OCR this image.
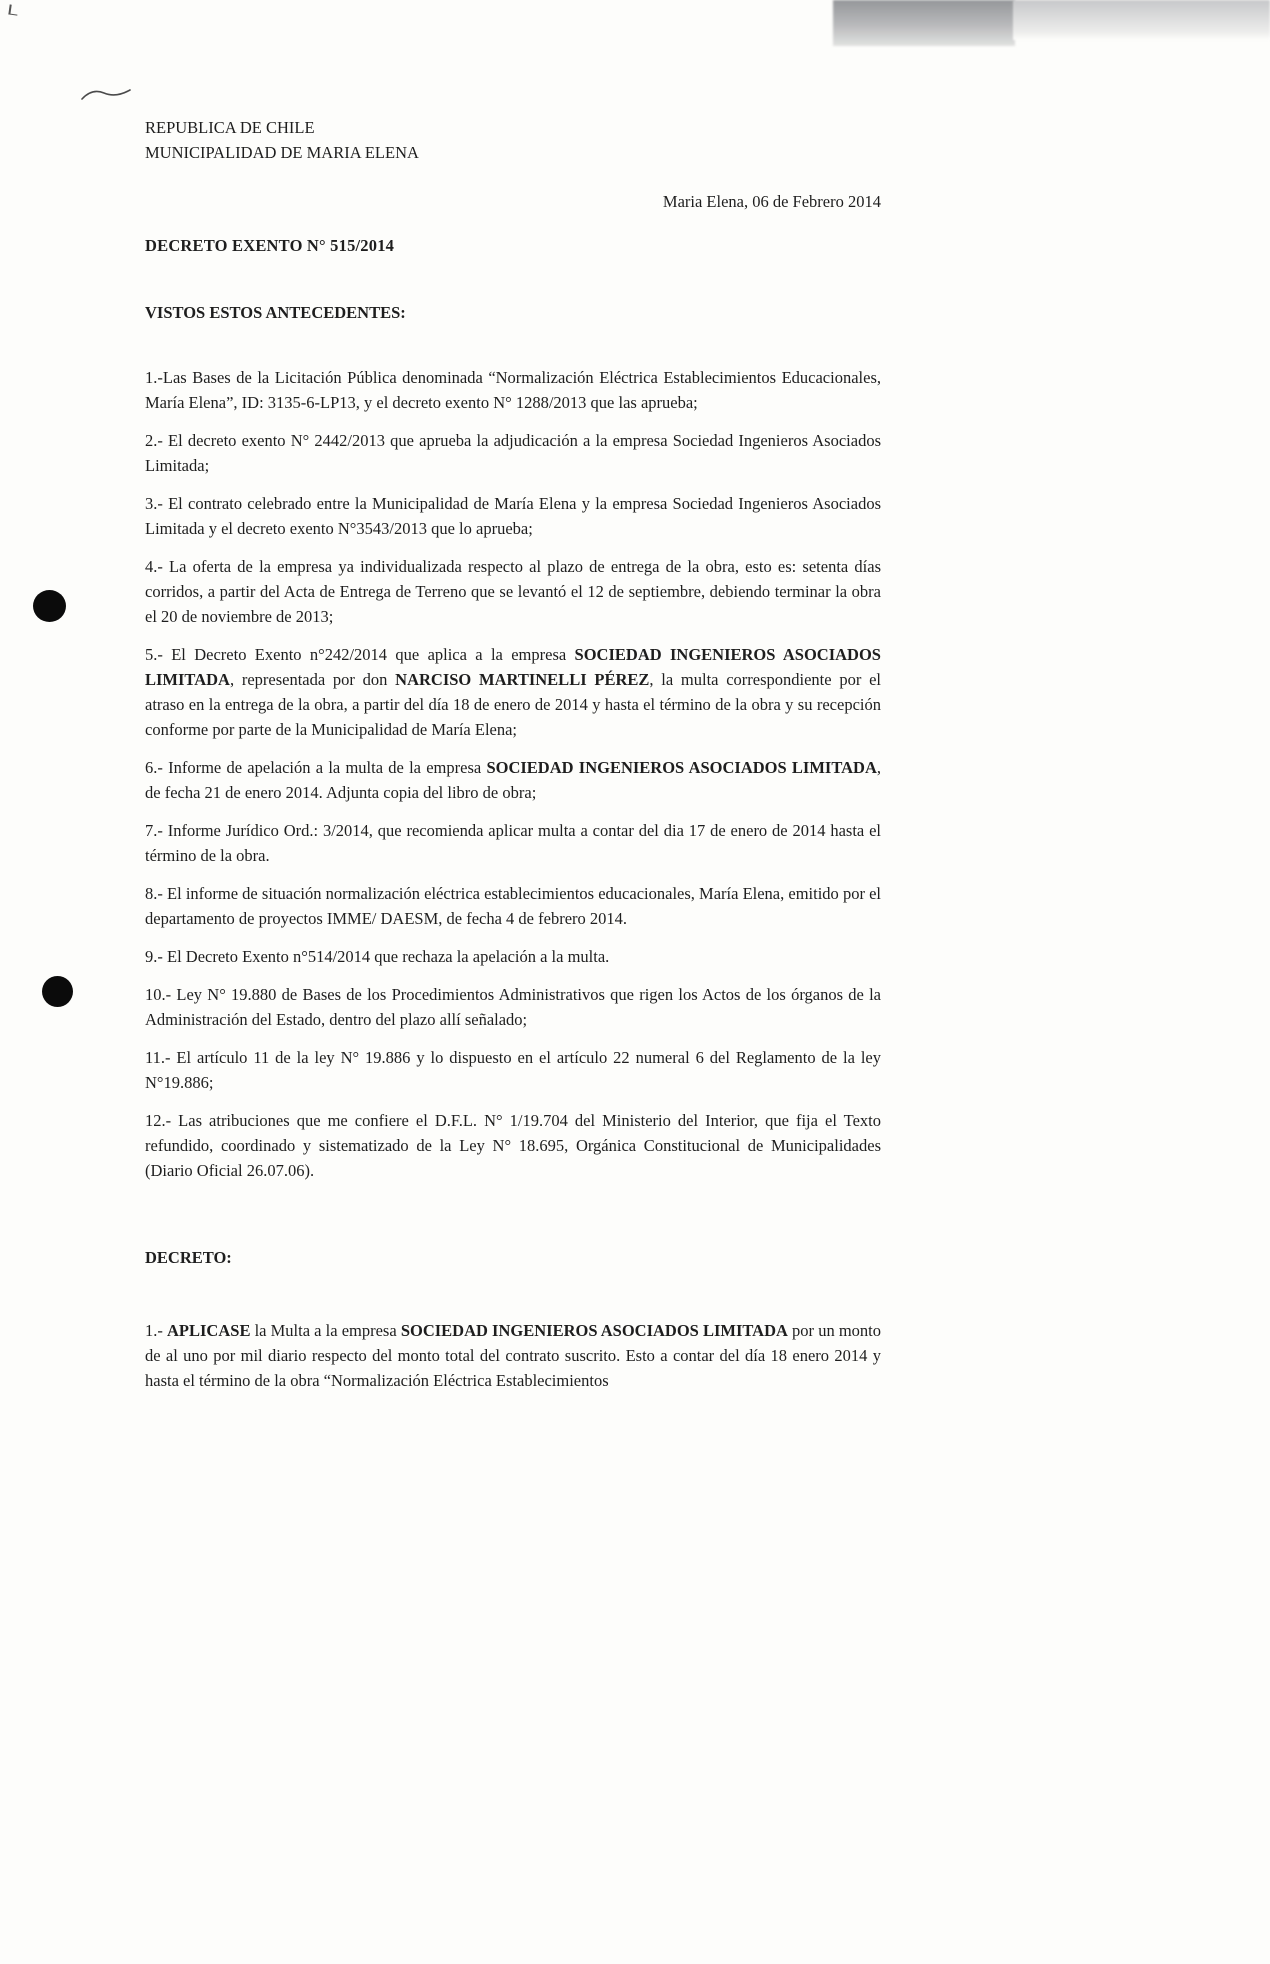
REPUBLICA DE CHILE
MUNICIPALIDAD DE MARIA ELENA
Maria Elena, 06 de Febrero 2014
DECRETO EXENTO N° 515/2014
VISTOS ESTOS ANTECEDENTES:

1.-Las Bases de la Licitación Pública denominada “Normalización Eléctrica Establecimientos Educacionales, María Elena”, ID: 3135-6-LP13, y el decreto exento N° 1288/2013 que las aprueba;

2.- El decreto exento N° 2442/2013 que aprueba la adjudicación a la empresa Sociedad Ingenieros Asociados Limitada;

3.- El contrato celebrado entre la Municipalidad de María Elena y la empresa Sociedad Ingenieros Asociados Limitada y el decreto exento N°3543/2013 que lo aprueba;

4.- La oferta de la empresa ya individualizada respecto al plazo de entrega de la obra, esto es: setenta días corridos, a partir del Acta de Entrega de Terreno que se levantó el 12 de septiembre, debiendo terminar la obra el 20 de noviembre de 2013;

5.- El Decreto Exento n°242/2014 que aplica a la empresa SOCIEDAD INGENIEROS ASOCIADOS LIMITADA, representada por don NARCISO MARTINELLI PÉREZ, la multa correspondiente por el atraso en la entrega de la obra, a partir del día 18 de enero de 2014 y hasta el término de la obra y su recepción conforme por parte de la Municipalidad de María Elena;

6.- Informe de apelación a la multa de la empresa SOCIEDAD INGENIEROS ASOCIADOS LIMITADA, de fecha 21 de enero 2014. Adjunta copia del libro de obra;

7.- Informe Jurídico Ord.: 3/2014, que recomienda aplicar multa a contar del dia 17 de enero de 2014 hasta el término de la obra.

8.- El informe de situación normalización eléctrica establecimientos educacionales, María Elena, emitido por el departamento de proyectos IMME/ DAESM, de fecha 4 de febrero 2014.

9.- El Decreto Exento n°514/2014 que rechaza la apelación a la multa.

10.- Ley N° 19.880 de Bases de los Procedimientos Administrativos que rigen los Actos de los órganos de la Administración del Estado, dentro del plazo allí señalado;

11.- El artículo 11 de la ley N° 19.886 y lo dispuesto en el artículo 22 numeral 6 del Reglamento de la ley N°19.886;

12.- Las atribuciones que me confiere el D.F.L. N° 1/19.704 del Ministerio del Interior, que fija el Texto refundido, coordinado y sistematizado de la Ley N° 18.695, Orgánica Constitucional de Municipalidades (Diario Oficial 26.07.06).

DECRETO:

1.- APLICASE la Multa a la empresa SOCIEDAD INGENIEROS ASOCIADOS LIMITADA por un monto de al uno por mil diario respecto del monto total del contrato suscrito. Esto a contar del día 18 enero 2014 y hasta el término de la obra “Normalización Eléctrica Establecimientos
